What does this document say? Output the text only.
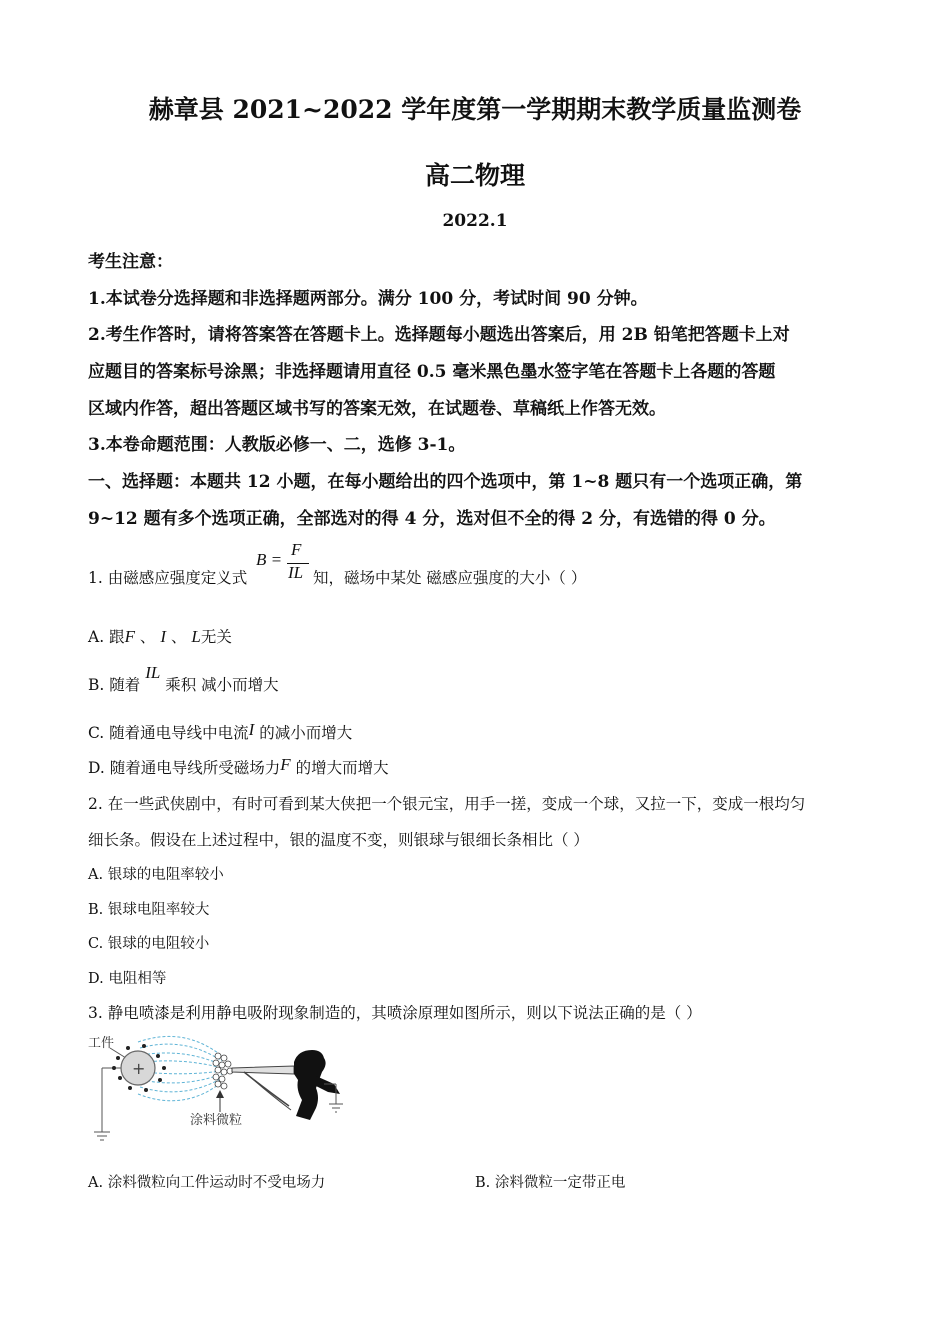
赫章县 2021~2022 学年度第一学期期末教学质量监测卷
高二物理
2022.1
考生注意：
1.本试卷分选择题和非选择题两部分。满分 100 分，考试时间 90 分钟。
2.考生作答时，请将答案答在答题卡上。选择题每小题选出答案后，用 2B 铅笔把答题卡上对
应题目的答案标号涂黑；非选择题请用直径 0.5 毫米黑色墨水签字笔在答题卡上各题的答题
区域内作答，超出答题区域书写的答案无效，在试题卷、草稿纸上作答无效。
3.本卷命题范围：人教版必修一、二，选修 3-1。
一、选择题：本题共 12 小题，在每小题给出的四个选项中，第 1~8 题只有一个选项正确，第
9~12 题有多个选项正确，全部选对的得 4 分，选对但不全的得 2 分，有选错的得 0 分。
1. 由磁感应强度定义式
B =
F
IL 知，磁场中某处 磁感应强度的大小（ ）
A. 跟F 、 I 、 L无关
B. 随着 IL 乘积 减小而增大
C. 随着通电导线中电流I 的减小而增大
D. 随着通电导线所受磁场力F 的增大而增大
2. 在一些武侠剧中，有时可看到某大侠把一个银元宝，用手一搓，变成一个球，又拉一下，变成一根均匀
细长条。假设在上述过程中，银的温度不变，则银球与银细长条相比（ ）
A. 银球的电阻率较小
B. 银球电阻率较大
C. 银球的电阻较小
D. 电阻相等
3. 静电喷漆是利用静电吸附现象制造的，其喷涂原理如图所示，则以下说法正确的是（ ）
+
工件
涂料微粒
A. 涂料微粒向工件运动时不受电场力	B. 涂料微粒一定带正电
